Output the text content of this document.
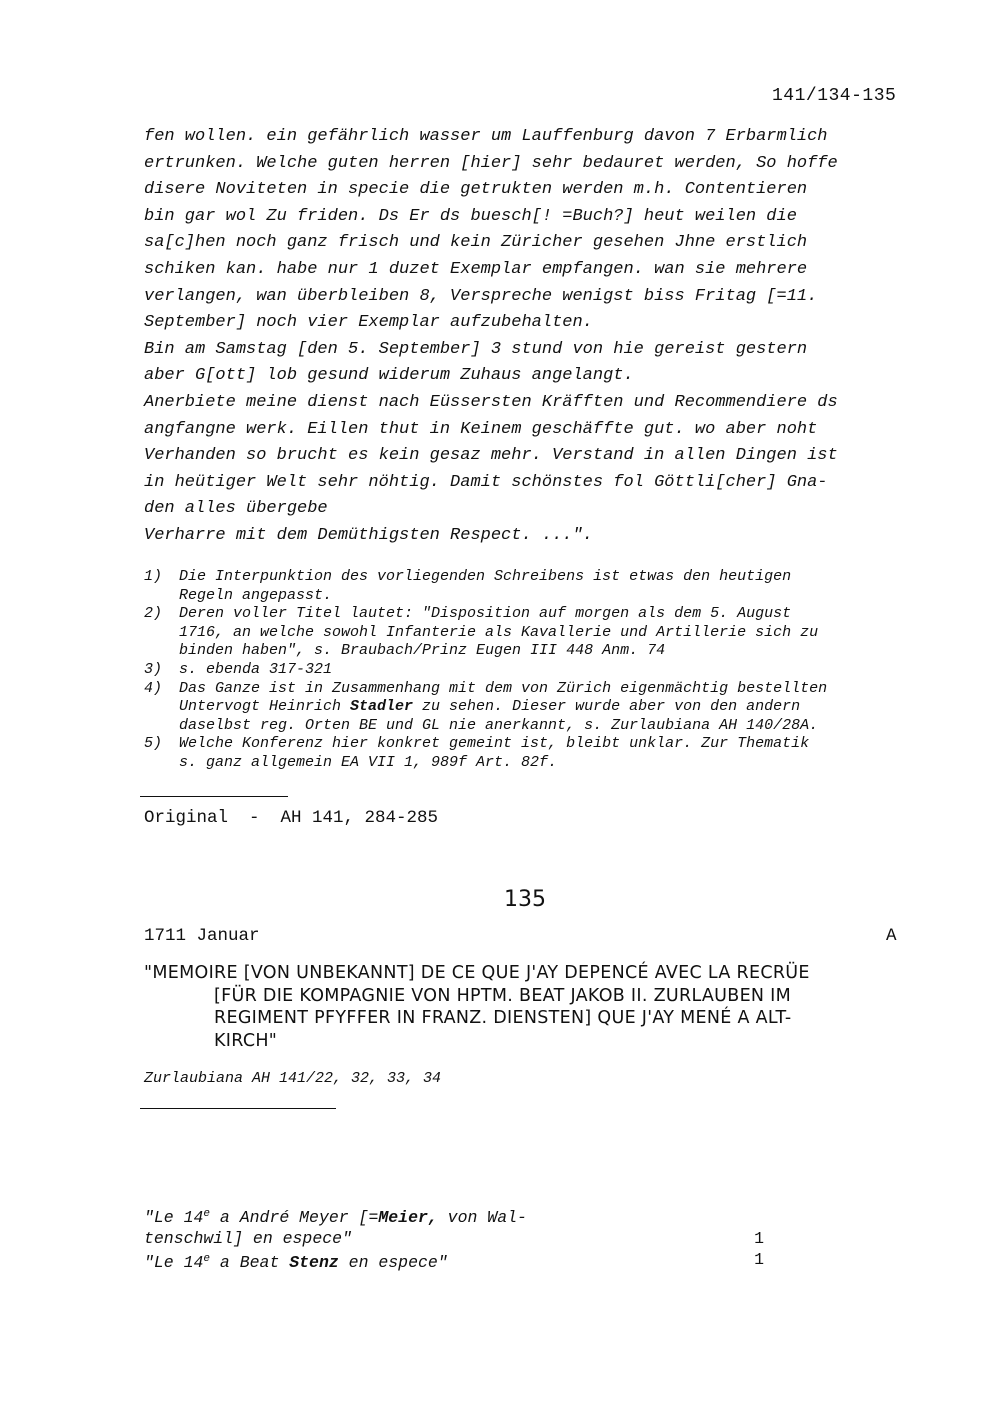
141/134-135
fen wollen. ein gefährlich wasser um Lauffenburg davon 7 Erbarmlich
ertrunken. Welche guten herren [hier] sehr bedauret werden, So hoffe
disere Noviteten in specie die getrukten werden m.h. Contentieren
bin gar wol Zu friden. Ds Er ds buesch[! =Buch?] heut weilen die
sa[c]hen noch ganz frisch und kein Züricher gesehen Jhne erstlich
schiken kan. habe nur 1 duzet Exemplar empfangen. wan sie mehrere
verlangen, wan überbleiben 8, Verspreche wenigst biss Fritag [=11.
September] noch vier Exemplar aufzubehalten.
Bin am Samstag [den 5. September] 3 stund von hie gereist gestern
aber G[ott] lob gesund widerum Zuhaus angelangt.
Anerbiete meine dienst nach Eüssersten Kräfften und Recommendiere ds
angfangne werk. Eillen thut in Keinem geschäffte gut. wo aber noht
Verhanden so brucht es kein gesaz mehr. Verstand in allen Dingen ist
in heütiger Welt sehr nöhtig. Damit schönstes fol Göttli[cher] Gna-
den alles übergebe
Verharre mit dem Demüthigsten Respect. ...".
1)	Die Interpunktion des vorliegenden Schreibens ist etwas den heutigen
Regeln angepasst.
2)	Deren voller Titel lautet: "Disposition auf morgen als dem 5. August
1716, an welche sowohl Infanterie als Kavallerie und Artillerie sich zu
binden haben", s. Braubach/Prinz Eugen III 448 Anm. 74
3)	s. ebenda 317-321
4)	Das Ganze ist in Zusammenhang mit dem von Zürich eigenmächtig bestellten
Untervogt Heinrich Stadler zu sehen. Dieser wurde aber von den andern
daselbst reg. Orten BE und GL nie anerkannt, s. Zurlaubiana AH 140/28A.
5)	Welche Konferenz hier konkret gemeint ist, bleibt unklar. Zur Thematik
s. ganz allgemein EA VII 1, 989f Art. 82f.
Original  -  AH 141, 284-285
135
1711 Januar	A
"MEMOIRE [VON UNBEKANNT] DE CE QUE J'AY DEPENCÉ AVEC LA RECRÜE
[FÜR DIE KOMPAGNIE VON HPTM. BEAT JAKOB II. ZURLAUBEN IM
REGIMENT PFYFFER IN FRANZ. DIENSTEN] QUE J'AY MENÉ A ALT-
KIRCH"
Zurlaubiana AH 141/22, 32, 33, 34
"Le 14e a André Meyer [=Meier, von Wal-
tenschwil] en espece"	1
"Le 14e a Beat Stenz en espece"	1
